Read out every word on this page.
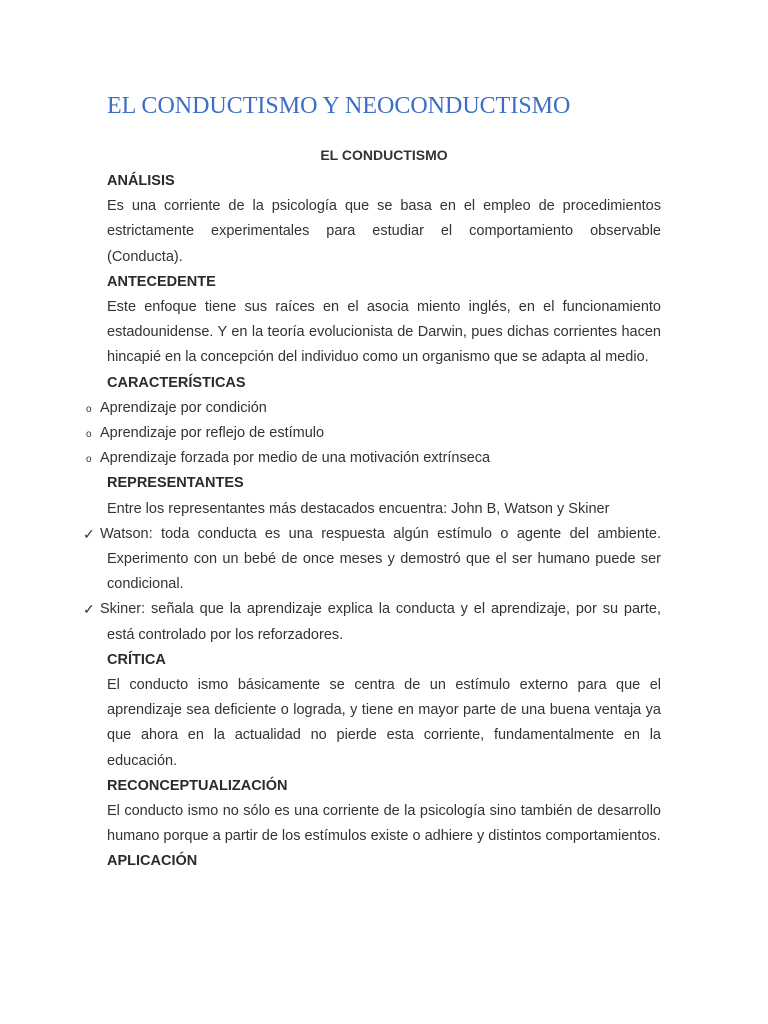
EL CONDUCTISMO Y NEOCONDUCTISMO
EL CONDUCTISMO

ANÁLISIS

Es una corriente de la psicología que se basa en el empleo de procedimientos estrictamente experimentales para estudiar el comportamiento observable (Conducta).

ANTECEDENTE

Este enfoque tiene sus raíces en el asocia miento inglés, en el funcionamiento estadounidense. Y en la teoría evolucionista de Darwin, pues dichas corrientes hacen hincapié en la concepción del individuo como un organismo que se adapta al medio.

CARACTERÍSTICAS

o Aprendizaje por condición
o Aprendizaje por reflejo de estímulo
o Aprendizaje forzada por medio de una motivación extrínseca

REPRESENTANTES

Entre los representantes más destacados encuentra: John B, Watson y Skiner

✓ Watson: toda conducta es una respuesta algún estímulo o agente del ambiente. Experimento con un bebé de once meses y demostró que el ser humano puede ser condicional.
✓ Skiner: señala que la aprendizaje explica la conducta y el aprendizaje, por su parte, está controlado por los reforzadores.

CRÍTICA

El conducto ismo básicamente se centra de un estímulo externo para que el aprendizaje sea deficiente o lograda, y tiene en mayor parte de una buena ventaja ya que ahora en la actualidad no pierde esta corriente, fundamentalmente en la educación.

RECONCEPTUALIZACIÓN

El conducto ismo no sólo es una corriente de la psicología sino también de desarrollo humano porque a partir de los estímulos existe o adhiere y distintos comportamientos.

APLICACIÓN
